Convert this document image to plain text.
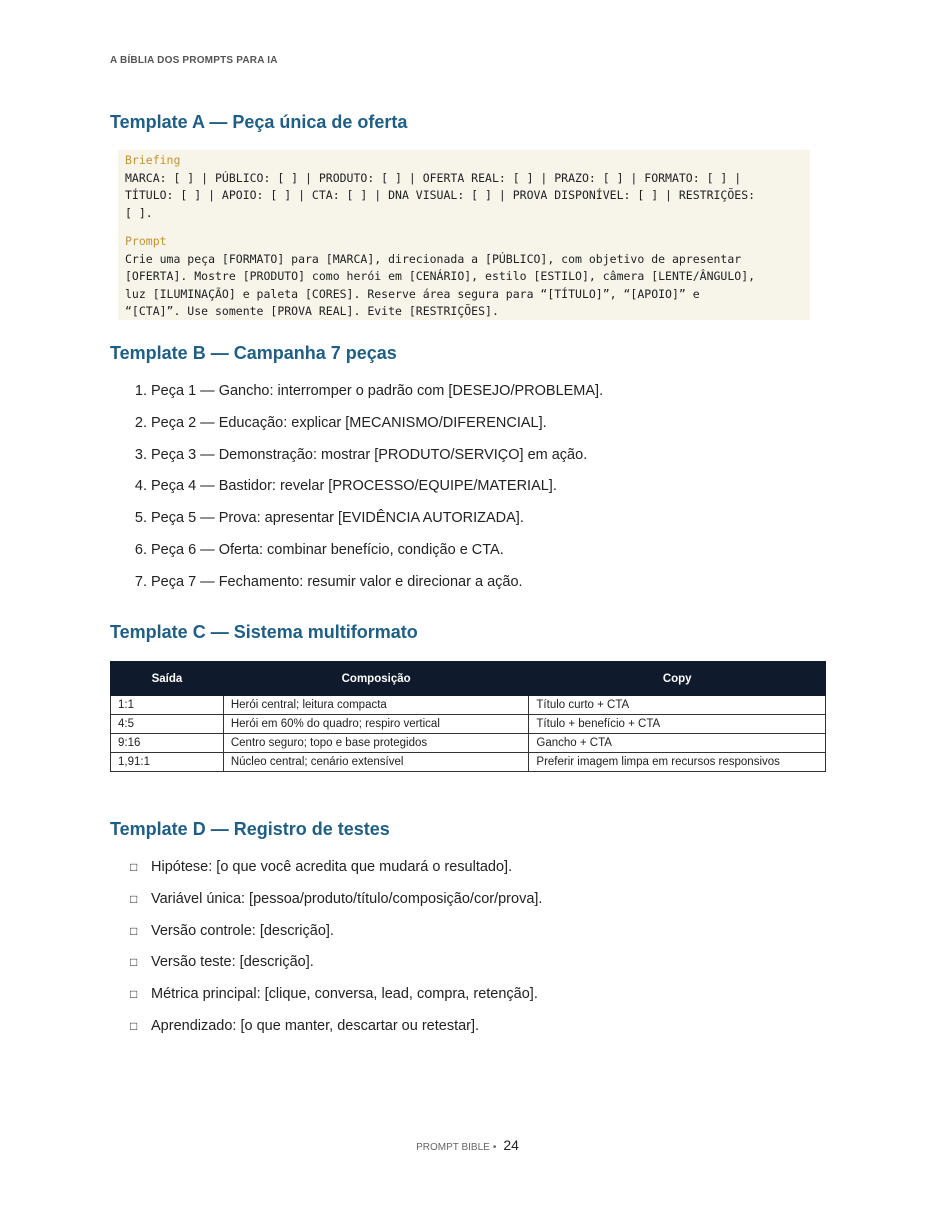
A BÍBLIA DOS PROMPTS PARA IA
Template A — Peça única de oferta
Briefing
MARCA: [ ] | PÚBLICO: [ ] | PRODUTO: [ ] | OFERTA REAL: [ ] | PRAZO: [ ] | FORMATO: [ ] |
TÍTULO: [ ] | APOIO: [ ] | CTA: [ ] | DNA VISUAL: [ ] | PROVA DISPONÍVEL: [ ] | RESTRIÇÕES:
[ ].
Prompt
Crie uma peça [FORMATO] para [MARCA], direcionada a [PÚBLICO], com objetivo de apresentar
[OFERTA]. Mostre [PRODUTO] como herói em [CENÁRIO], estilo [ESTILO], câmera [LENTE/ÂNGULO],
luz [ILUMINAÇÃO] e paleta [CORES]. Reserve área segura para “[TÍTULO]”, “[APOIO]” e
“[CTA]”. Use somente [PROVA REAL]. Evite [RESTRIÇÕES].
Template B — Campanha 7 peças
1. Peça 1 — Gancho: interromper o padrão com [DESEJO/PROBLEMA].
2. Peça 2 — Educação: explicar [MECANISMO/DIFERENCIAL].
3. Peça 3 — Demonstração: mostrar [PRODUTO/SERVIÇO] em ação.
4. Peça 4 — Bastidor: revelar [PROCESSO/EQUIPE/MATERIAL].
5. Peça 5 — Prova: apresentar [EVIDÊNCIA AUTORIZADA].
6. Peça 6 — Oferta: combinar benefício, condição e CTA.
7. Peça 7 — Fechamento: resumir valor e direcionar a ação.
Template C — Sistema multiformato
Saída	Composição	Copy
1:1	Herói central; leitura compacta	Título curto + CTA
4:5	Herói em 60% do quadro; respiro vertical	Título + benefício + CTA
9:16	Centro seguro; topo e base protegidos	Gancho + CTA
1,91:1	Núcleo central; cenário extensível	Preferir imagem limpa em recursos responsivos
Template D — Registro de testes
□ Hipótese: [o que você acredita que mudará o resultado].
□ Variável única: [pessoa/produto/título/composição/cor/prova].
□ Versão controle: [descrição].
□ Versão teste: [descrição].
□ Métrica principal: [clique, conversa, lead, compra, retenção].
□ Aprendizado: [o que manter, descartar ou retestar].
PROMPT BIBLE • 24
